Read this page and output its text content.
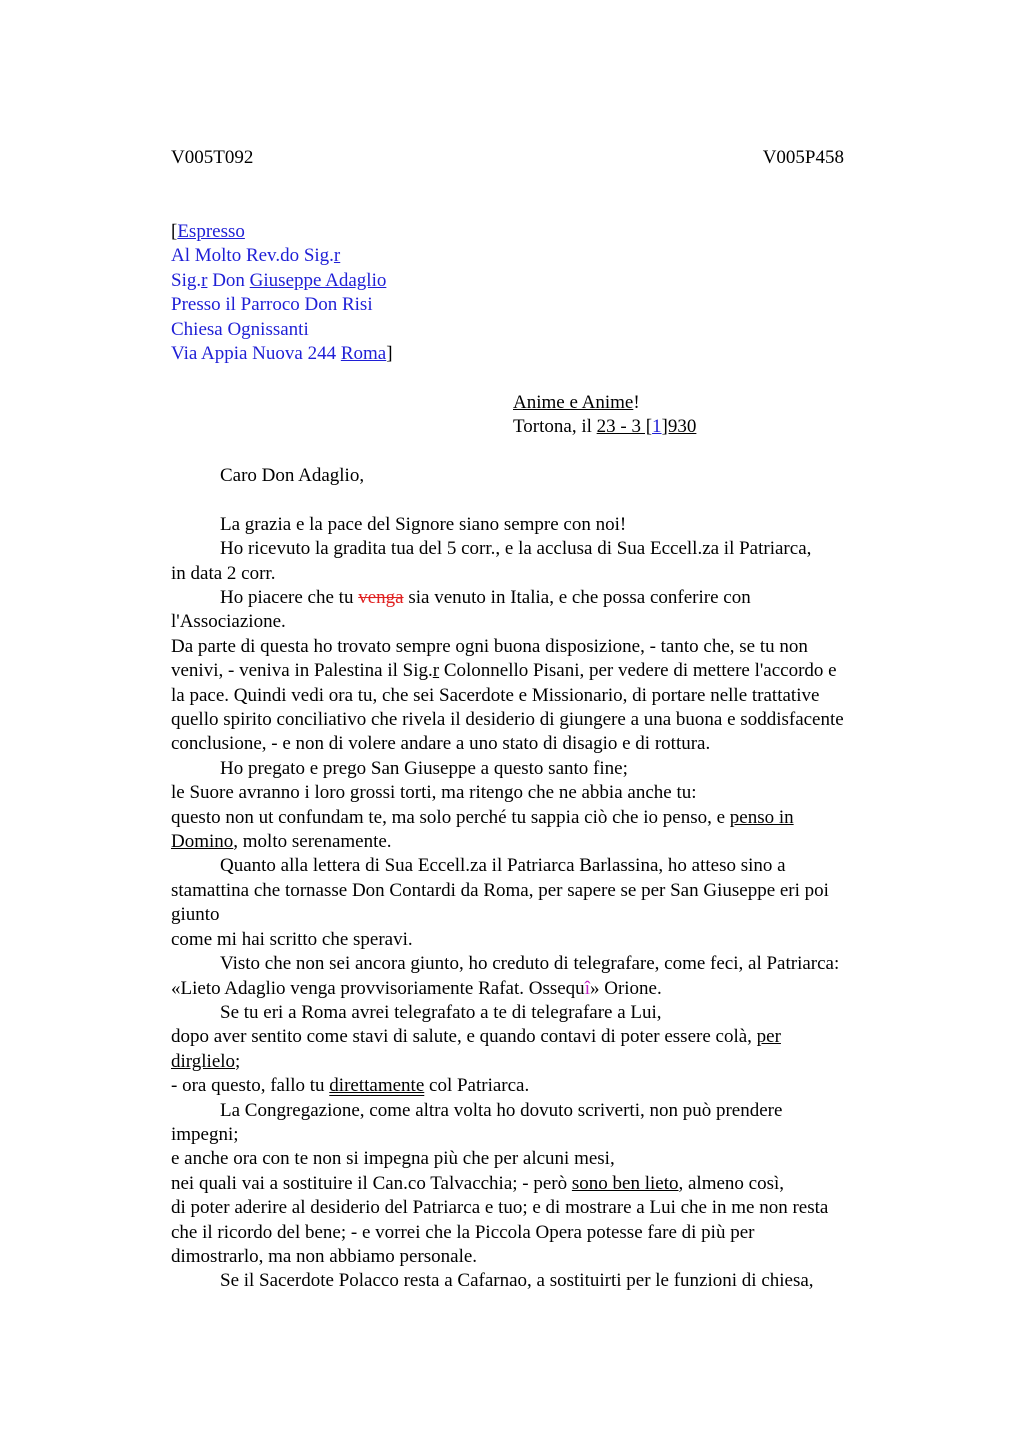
V005T092	V005P458
[Espresso
Al Molto Rev.do Sig.r
Sig.r Don Giuseppe Adaglio
Presso il Parroco Don Risi
Chiesa Ognissanti
Via Appia Nuova 244 Roma]
Anime e Anime!
Tortona, il 23 - 3 [1]930

Caro Don Adaglio,

La grazia e la pace del Signore siano sempre con noi!

Ho ricevuto la gradita tua del 5 corr., e la acclusa di Sua Eccell.za il Patriarca,

in data 2 corr.

Ho piacere che tu venga sia venuto in Italia, e che possa conferire con

l'Associazione.

Da parte di questa ho trovato sempre ogni buona disposizione, - tanto che, se tu non

venivi, - veniva in Palestina il Sig.r Colonnello Pisani, per vedere di mettere l'accordo e

la pace. Quindi vedi ora tu, che sei Sacerdote e Missionario, di portare nelle trattative

quello spirito conciliativo che rivela il desiderio di giungere a una buona e soddisfacente

conclusione, - e non di volere andare a uno stato di disagio e di rottura.

Ho pregato e prego San Giuseppe a questo santo fine;

le Suore avranno i loro grossi torti, ma ritengo che ne abbia anche tu:

questo non ut confundam te, ma solo perché tu sappia ciò che io penso, e penso in

Domino, molto serenamente.

Quanto alla lettera di Sua Eccell.za il Patriarca Barlassina, ho atteso sino a

stamattina che tornasse Don Contardi da Roma, per sapere se per San Giuseppe eri poi

giunto

come mi hai scritto che speravi.

Visto che non sei ancora giunto, ho creduto di telegrafare, come feci, al Patriarca:

«Lieto Adaglio venga provvisoriamente Rafat. Ossequî» Orione.

Se tu eri a Roma avrei telegrafato a te di telegrafare a Lui,

dopo aver sentito come stavi di salute, e quando contavi di poter essere colà, per

dirglielo;

- ora questo, fallo tu direttamente col Patriarca.

La Congregazione, come altra volta ho dovuto scriverti, non può prendere

impegni;

e anche ora con te non si impegna più che per alcuni mesi,

nei quali vai a sostituire il Can.co Talvacchia; - però sono ben lieto, almeno così,

di poter aderire al desiderio del Patriarca e tuo; e di mostrare a Lui che in me non resta

che il ricordo del bene; - e vorrei che la Piccola Opera potesse fare di più per

dimostrarlo, ma non abbiamo personale.

Se il Sacerdote Polacco resta a Cafarnao, a sostituirti per le funzioni di chiesa,
